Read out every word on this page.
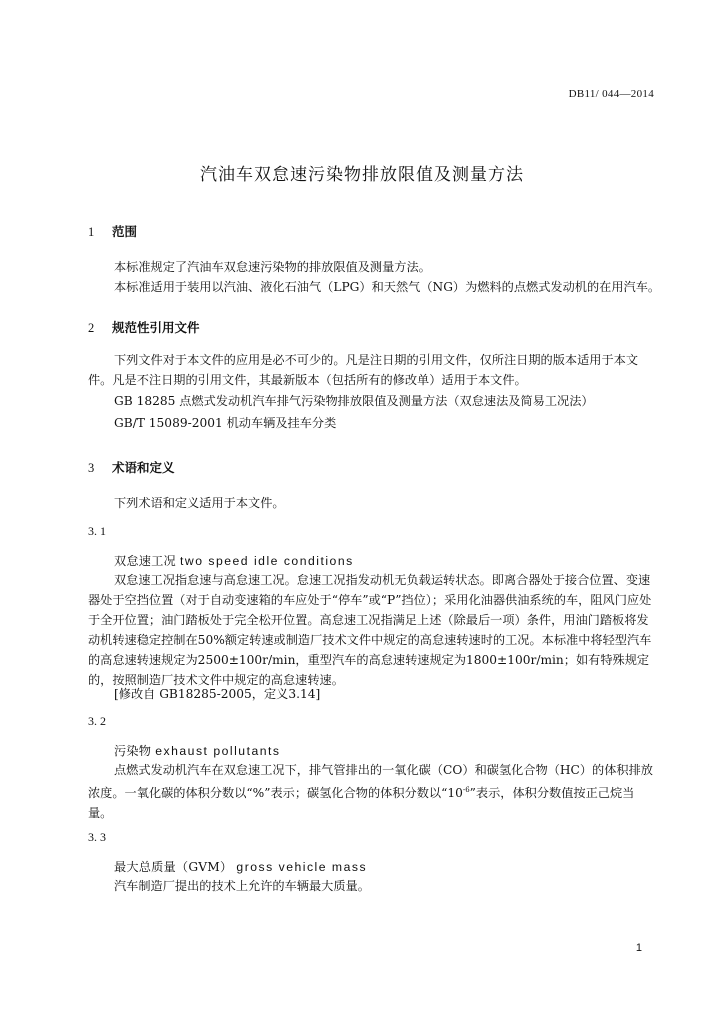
DB11/ 044—2014
汽油车双怠速污染物排放限值及测量方法
1 范围
本标准规定了汽油车双怠速污染物的排放限值及测量方法。
本标准适用于装用以汽油、液化石油气（LPG）和天然气（NG）为燃料的点燃式发动机的在用汽车。
2 规范性引用文件
下列文件对于本文件的应用是必不可少的。凡是注日期的引用文件，仅所注日期的版本适用于本文件。凡是不注日期的引用文件，其最新版本（包括所有的修改单）适用于本文件。
GB 18285 点燃式发动机汽车排气污染物排放限值及测量方法（双怠速法及简易工况法）
GB/T 15089-2001 机动车辆及挂车分类
3 术语和定义
下列术语和定义适用于本文件。
3. 1
双怠速工况 two speed idle conditions
双怠速工况指怠速与高怠速工况。怠速工况指发动机无负载运转状态。即离合器处于接合位置、变速器处于空挡位置（对于自动变速箱的车应处于“停车”或“P”挡位）；采用化油器供油系统的车，阻风门应处于全开位置；油门踏板处于完全松开位置。高怠速工况指满足上述（除最后一项）条件，用油门踏板将发动机转速稳定控制在50%额定转速或制造厂技术文件中规定的高怠速转速时的工况。本标准中将轻型汽车的高怠速转速规定为2500±100r/min，重型汽车的高怠速转速规定为1800±100r/min；如有特殊规定的，按照制造厂技术文件中规定的高怠速转速。
[修改自 GB18285-2005，定义3.14]
3. 2
污染物 exhaust pollutants
点燃式发动机汽车在双怠速工况下，排气管排出的一氧化碳（CO）和碳氢化合物（HC）的体积排放浓度。一氧化碳的体积分数以“%”表示；碳氢化合物的体积分数以“$10^{-6}$”表示，体积分数值按正己烷当量。
3. 3
最大总质量（GVM） gross vehicle mass
汽车制造厂提出的技术上允许的车辆最大质量。
1
